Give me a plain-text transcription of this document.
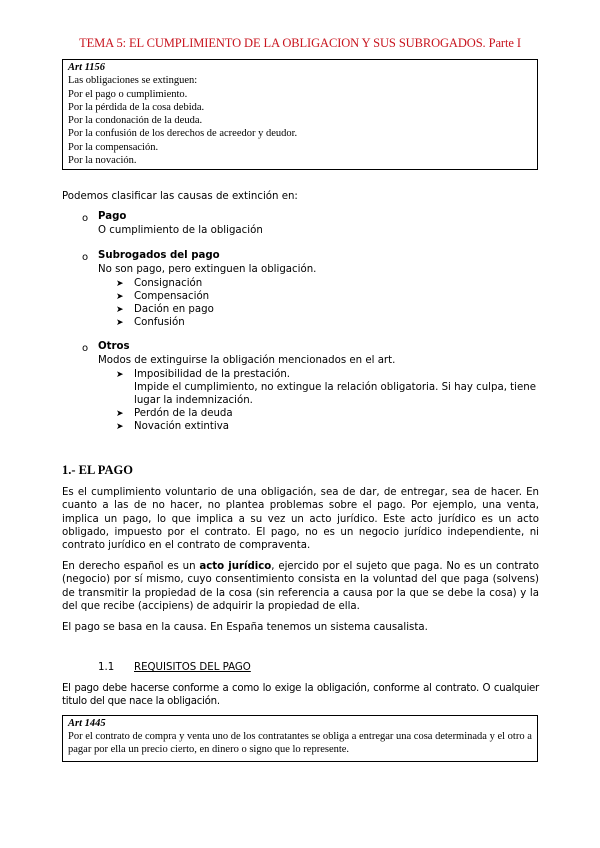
TEMA 5: EL CUMPLIMIENTO DE LA OBLIGACION Y SUS SUBROGADOS. Parte I
Art 1156
Las obligaciones se extinguen:
Por el pago o cumplimiento.
Por la pérdida de la cosa debida.
Por la condonación de la deuda.
Por la confusión de los derechos de acreedor y deudor.
Por la compensación.
Por la novación.
Podemos clasificar las causas de extinción en:
o Pago
O cumplimiento de la obligación
o Subrogados del pago
No son pago, pero extinguen la obligación.
➤ Consignación
➤ Compensación
➤ Dación en pago
➤ Confusión
o Otros
Modos de extinguirse la obligación mencionados en el art.
➤ Imposibilidad de la prestación.
Impide el cumplimiento, no extingue la relación obligatoria. Si hay culpa, tiene lugar la indemnización.
➤ Perdón de la deuda
➤ Novación extintiva
1.- EL PAGO
Es el cumplimiento voluntario de una obligación, sea de dar, de entregar, sea de hacer. En cuanto a las de no hacer, no plantea problemas sobre el pago. Por ejemplo, una venta, implica un pago, lo que implica a su vez un acto jurídico. Este acto jurídico es un acto obligado, impuesto por el contrato. El pago, no es un negocio jurídico independiente, ni contrato jurídico en el contrato de compraventa.
En derecho español es un acto jurídico, ejercido por el sujeto que paga. No es un contrato (negocio) por sí mismo, cuyo consentimiento consista en la voluntad del que paga (solvens) de transmitir la propiedad de la cosa (sin referencia a causa por la que se debe la cosa) y la del que recibe (accipiens) de adquirir la propiedad de ella.
El pago se basa en la causa. En España tenemos un sistema causalista.
1.1 REQUISITOS DEL PAGO
El pago debe hacerse conforme a como lo exige la obligación, conforme al contrato. O cualquier titulo del que nace la obligación.
Art 1445
Por el contrato de compra y venta uno de los contratantes se obliga a entregar una cosa determinada y el otro a pagar por ella un precio cierto, en dinero o signo que lo represente.
